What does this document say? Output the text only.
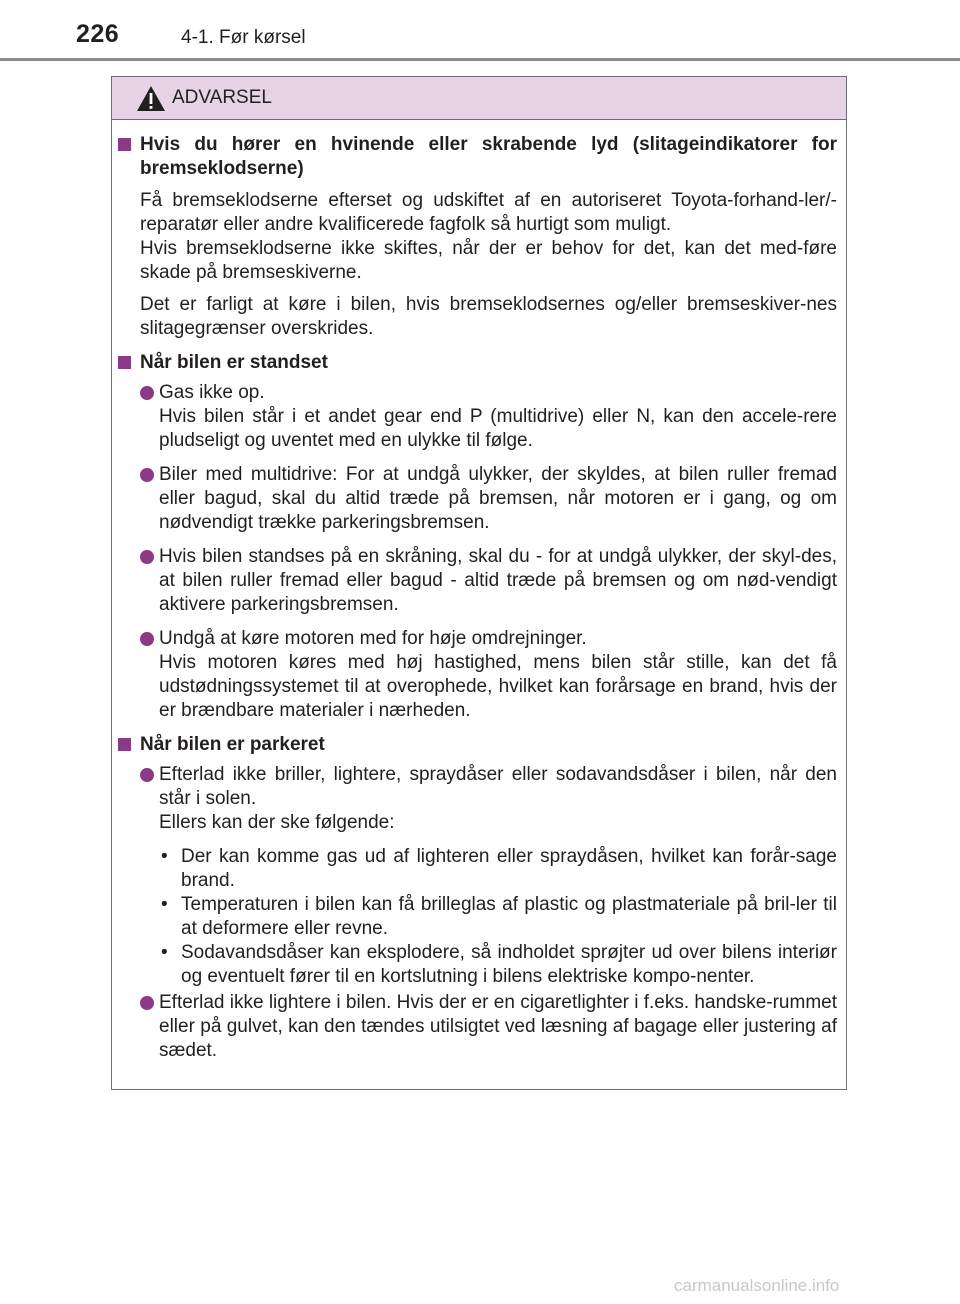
226	4-1. Før kørsel
ADVARSEL
Hvis du hører en hvinende eller skrabende lyd (slitageindikatorer for bremseklodserne)
Få bremseklodserne efterset og udskiftet af en autoriseret Toyota-forhand-ler/-reparatør eller andre kvalificerede fagfolk så hurtigt som muligt.
Hvis bremseklodserne ikke skiftes, når der er behov for det, kan det med-føre skade på bremseskiverne.
Det er farligt at køre i bilen, hvis bremseklodsernes og/eller bremseskiver-nes slitagegrænser overskrides.
Når bilen er standset
Gas ikke op.
Hvis bilen står i et andet gear end P (multidrive) eller N, kan den accele-rere pludseligt og uventet med en ulykke til følge.
Biler med multidrive: For at undgå ulykker, der skyldes, at bilen ruller fremad eller bagud, skal du altid træde på bremsen, når motoren er i gang, og om nødvendigt trække parkeringsbremsen.
Hvis bilen standses på en skråning, skal du - for at undgå ulykker, der skyl-des, at bilen ruller fremad eller bagud - altid træde på bremsen og om nød-vendigt aktivere parkeringsbremsen.
Undgå at køre motoren med for høje omdrejninger.
Hvis motoren køres med høj hastighed, mens bilen står stille, kan det få udstødningssystemet til at overophede, hvilket kan forårsage en brand, hvis der er brændbare materialer i nærheden.
Når bilen er parkeret
Efterlad ikke briller, lightere, spraydåser eller sodavandsdåser i bilen, når den står i solen.
Ellers kan der ske følgende:
• Der kan komme gas ud af lighteren eller spraydåsen, hvilket kan forår-sage brand.
• Temperaturen i bilen kan få brilleglas af plastic og plastmateriale på bril-ler til at deformere eller revne.
• Sodavandsdåser kan eksplodere, så indholdet sprøjter ud over bilens interiør og eventuelt fører til en kortslutning i bilens elektriske kompo-nenter.
Efterlad ikke lightere i bilen. Hvis der er en cigaretlighter i f.eks. handske-rummet eller på gulvet, kan den tændes utilsigtet ved læsning af bagage eller justering af sædet.
carmanualsonline.info
